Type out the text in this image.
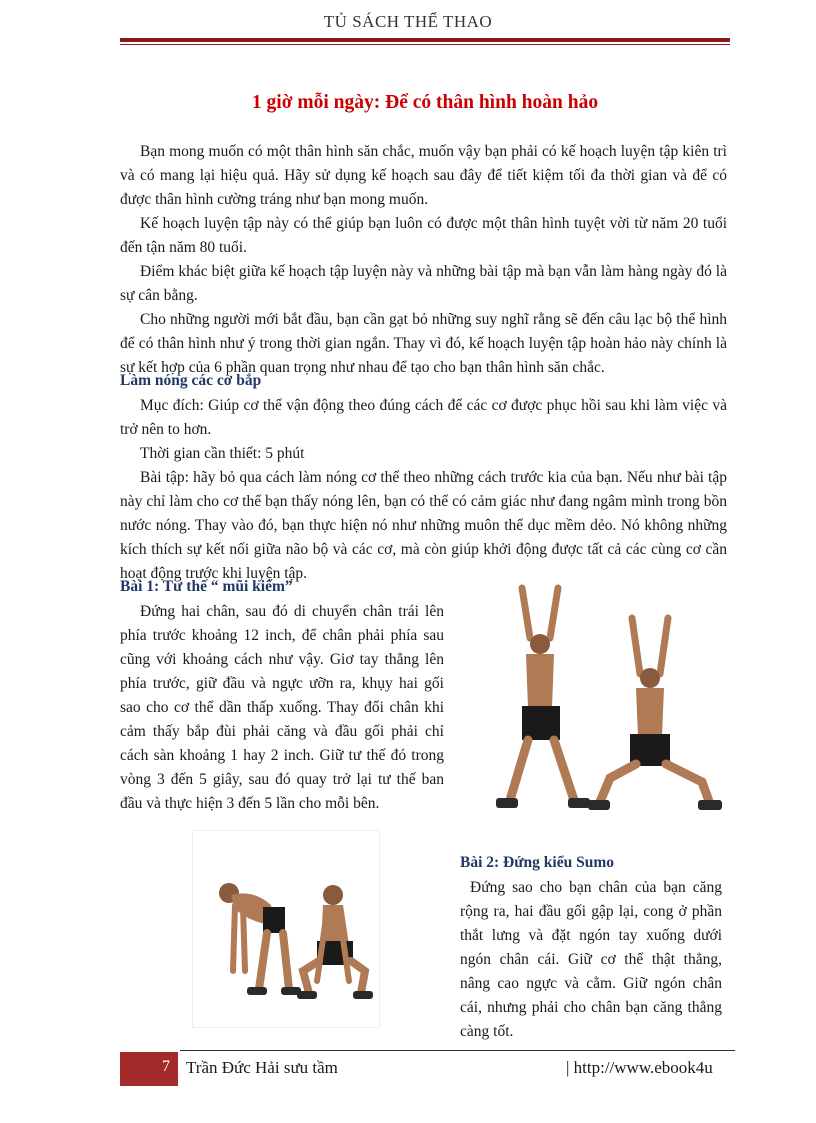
TỦ SÁCH THỂ THAO
1 giờ mỗi ngày: Để có thân hình hoàn hảo

Bạn mong muốn có một thân hình săn chắc, muốn vậy bạn phải có kế hoạch luyện tập kiên trì và có mang lại hiệu quả. Hãy sử dụng kế hoạch sau đây để tiết kiệm tối đa thời gian và để có được thân hình cường tráng như bạn mong muốn.

Kế hoạch luyện tập này có thể giúp bạn luôn có được một thân hình tuyệt vời từ năm 20 tuổi đến tận năm 80 tuổi.

Điểm khác biệt giữa kế hoạch tập luyện này và những bài tập mà bạn vẫn làm hàng ngày đó là sự cân bằng.

Cho những người mới bắt đầu, bạn cần gạt bỏ những suy nghĩ rằng sẽ đến câu lạc bộ thể hình để có thân hình như ý trong thời gian ngắn. Thay vì đó, kế hoạch luyện tập hoàn hảo này chính là sự kết hợp của 6 phần quan trọng như nhau để tạo cho bạn thân hình săn chắc.

Làm nóng các cơ bắp

Mục đích: Giúp cơ thể vận động theo đúng cách để các cơ được phục hồi sau khi làm việc và trở nên to hơn.

Thời gian cần thiết: 5 phút

Bài tập: hãy bỏ qua cách làm nóng cơ thể theo những cách trước kia của bạn. Nếu như bài tập này chỉ làm cho cơ thể bạn thấy nóng lên, bạn có thể có cảm giác như đang ngâm mình trong bồn nước nóng. Thay vào đó, bạn thực hiện nó như những muôn thể dục mềm dẻo. Nó không những kích thích sự kết nối giữa não bộ và các cơ, mà còn giúp khởi động được tất cả các cùng cơ cần hoạt động trước khi luyện tập.

Bài 1: Tư thế “ mũi kiếm”

Đứng hai chân, sau đó di chuyển chân trái lên phía trước khoảng 12 inch, để chân phải phía sau cũng với khoảng cách như vậy. Giơ tay thẳng lên phía trước, giữ đầu và ngực ưỡn ra, khụy hai gối sao cho cơ thể dần thấp xuống. Thay đổi chân khi cảm thấy bắp đùi phải căng và đầu gối phải chỉ cách sàn khoảng 1 hay 2 inch. Giữ tư thế đó trong vòng 3 đến 5 giây, sau đó quay trở lại tư thế ban đầu và thực hiện 3 đến 5 lần cho mỗi bên.

Bài 2: Đứng kiểu Sumo

Đứng sao cho bạn chân của bạn căng rộng ra, hai đầu gối gập lại, cong ở phần thắt lưng và đặt ngón tay xuống dưới ngón chân cái. Giữ cơ thể thật thẳng, nâng cao ngực và cằm. Giữ ngón chân cái, nhưng phải cho chân bạn căng thẳng càng tốt.

7 Trần Đức Hải sưu tầm	| http://www.ebook4u
